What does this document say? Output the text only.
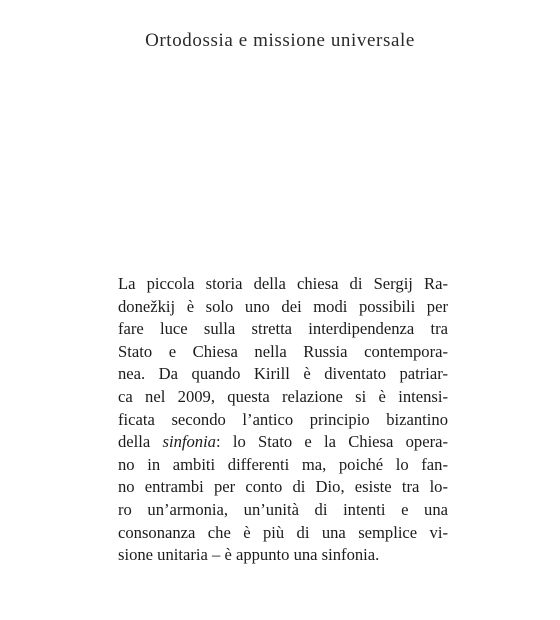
Ortodossia e missione universale
La piccola storia della chiesa di Sergij Ra-
donežkij è solo uno dei modi possibili per
fare luce sulla stretta interdipendenza tra
Stato e Chiesa nella Russia contempora-
nea. Da quando Kirill è diventato patriar-
ca nel 2009, questa relazione si è intensi-
ficata secondo l’antico principio bizantino
della sinfonia: lo Stato e la Chiesa opera-
no in ambiti differenti ma, poiché lo fan-
no entrambi per conto di Dio, esiste tra lo-
ro un’armonia, un’unità di intenti e una
consonanza che è più di una semplice vi-
sione unitaria – è appunto una sinfonia.
